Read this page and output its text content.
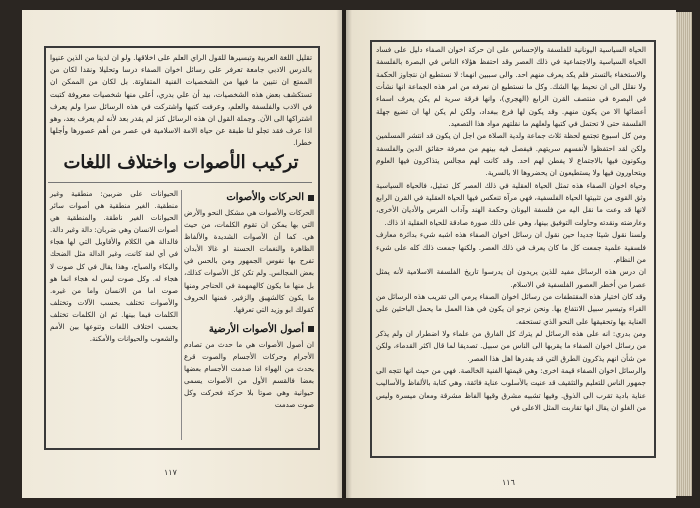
تقليل اللغة العربية وتبسيرها للقول الراي العلم على اخلاقها. ولو ان لدينا من الذين عنيوا بالدرس الادبي جامعة تعرفر على رسائل اخوان الصفاء درسا وتحليلا ونقدا لكان من الممتع ان نتبين ما فيها من الشخصيات الفنية المتفاوتة. بل لكان من الممكن ان تستكشف بعض هذه الشخصيات، بيد أن علي بدري، أعلى منها شخصيات معروفة كتبت في الادب والفلسفة والعلم، وعرفت كتبها واشتركت في هذه الرسائل سرا ولم يعرف اشتراكها الى الآن. وجملة القول ان هذه الرسائل كنز لم يقدر بعد لأنه لم يعرف بعد، وهو اذا عرف فقد تجلو لنا طبقة عن حياة الامة الاسلامية في عصر من أهم عصورها وأجلها خطرا.
تركيب الأصوات واختلاف اللغات
الحركات والأصوات
الحركات والأصوات هي مشكل النحو والأرض التي بها يمكن ان تقوم الكلمات، من حيث هي. كما أن الأصوات الشديدة والألفاظ الظاهرة والنغمات الحسنة او غالا الأبدان تفرح بها نفوس الجمهور ومن بالحس في بعض المجالس. ولم تكن كل الأصوات كذلك، بل منها ما يكون كالهمهمة في الحناجر ومنها ما يكون كالشهيق والزفير. فمنها الحروف كقولك ابو وزيد التي تعرفها.
أصول الأصوات الأرضية
ان أصول الأصوات هي ما حدث من تصادم الأجرام وحركات الأجسام والصوت قرع يحدث من الهواء اذا صدمت الأجسام بعضها بعضا فالقسم الأول من الأصوات يسمى حيوانية وهي صوتا بلا حركة فحركت وكل صوت صدمت
الحيوانات على ضربين: منطقية وغير منطقية. الغير منطقية هي أصوات سائر الحيوانات الغير ناطقة. والمنطقية هي أصوات الانسان وهي ضربان: دالة وغير دالة. فالدالة هي الكلام والأقاويل التي لها هجاء في أي لغة كانت، وغير الدالة مثل الضحك والبكاء والصياح، وهذا يقال في كل صوت لا هجاء له. وكل صوت ليس له هجاء انما هو صوت اما من الانسان واما من غيره. والأصوات تختلف بحسب الآلات وتختلف الكلمات فيما بينها. ثم ان الكلمات تختلف بحسب اختلاف اللغات وتنوعها بين الأمم والشعوب والحيوانات والأمكنة.
١١٧

الحياة السياسية اليونانية للفلسفة والإحساس على ان حركة اخوان الصفاء دليل على فساد الحياة السياسية والاجتماعية في ذلك العصر وقد احتفظ هؤلاء الناس في البصرة بالفلسفة والاستخفاء بالتستر فلم يكد يعرف منهم احد. والى سببين انهما: لا نستطيع ان نتجاوز الحكمة ولا نقلل الى ان نحيط بها الشك. وكل ما نستطيع ان نعرفه من امر هذه الجماعة انها نشأت في البصرة في منتصف القرن الرابع (الهجري)، وانها فرقة سرية لم يكن يعرف اسماء أعضائها الا من يكون منهم. وقد يكون لها فرع ببغداد، ولكن لم يكن لها ان تضيع جهلة الفلسفة حتى لا تحتمل في كتبها ولعلهم ما نقلتهم مواد هذا التصعيد.

ومن كل اسبوع تجتمع لحظة ثلاث جماعة ولدية الصلاة من اجل ان يكون قد انتشر المسلمين ولكن لقد احتفظوا لأنفسهم سريتهم. فيفصل فيه بينهم من معرفة حقائق الدين والفلسفة ويكونون فيها بالاجتماع لا يفطن لهم احد. وقد كانت لهم مجالس يتذاكرون فيها العلوم ويتحاورون فيها ولا يستطيعون ان يحضروها الا بالسرية.

وحياة اخوان الصفاء هذه تمثل الحياة العقلية في ذلك العصر كل تمثيل، فالحياة السياسية وثق القوى من تثبيتها الحياة الفلسفية، فهي مرآة تنعكس فيها الحياة العقلية في القرن الرابع لانها قد وعت ما نقل اليه من فلسفة اليونان وحكمة الهند وآداب الفرس والأديان الأخرى، وعارضته ونقدته وحاولت التوفيق بينها، وهي على ذلك صورة صادقة للحياة العقلية اذ ذاك.

ولسنا نقول شيئا جديدا حين نقول ان رسائل اخوان الصفاء هذه اشبه شيء بدائرة معارف فلسفية علمية جمعت كل ما كان يعرف في ذلك العصر. ولكنها جمعت ذلك كله على شيء من النظام.

ان درس هذه الرسائل مفيد للذين يريدون ان يدرسوا تاريخ الفلسفة الاسلامية لأنه يمثل عصرا من أخطر العصور الفلسفية في الاسلام.

وقد كان اختيار هذه المقتطفات من رسائل اخوان الصفاء يرمي الى تقريب هذه الرسائل من القراء وتيسير سبيل الانتفاع بها. ونحن نرجو ان يكون في هذا العمل ما يحمل الباحثين على العناية بها وتحقيقها على النحو الذي تستحقه.

ومن بدري: انه على هذه الرسائل لم يترك كل الفارق من علماء ولا اضطرار ان ولم يذكر من رسائل اخوان الصفاء ما يقربها الى الناس من سبيل. تصديقا لما قال اكثر القدماء، ولكن من شأن انهم يذكرون الطرق التي قد يقدرها اهل هذا العصر.

والرسائل اخوان الصفاء قيمة اخرى: وهي قيمتها الفنية الخالصة. فهي من حيث انها تتجه الى جمهور الناس للتعليم والتثقيف قد عنيت بالأسلوب عناية فائقة، وهي كتابة بالألفاظ والأساليب عناية بادية تقرب الى الذوق. وفيها تشبيه مشرق وقيها الفاظ مشرقة ومعان ميسرة وليس من الغلو ان يقال انها تقاربت المثل الاعلى في

١١٦
